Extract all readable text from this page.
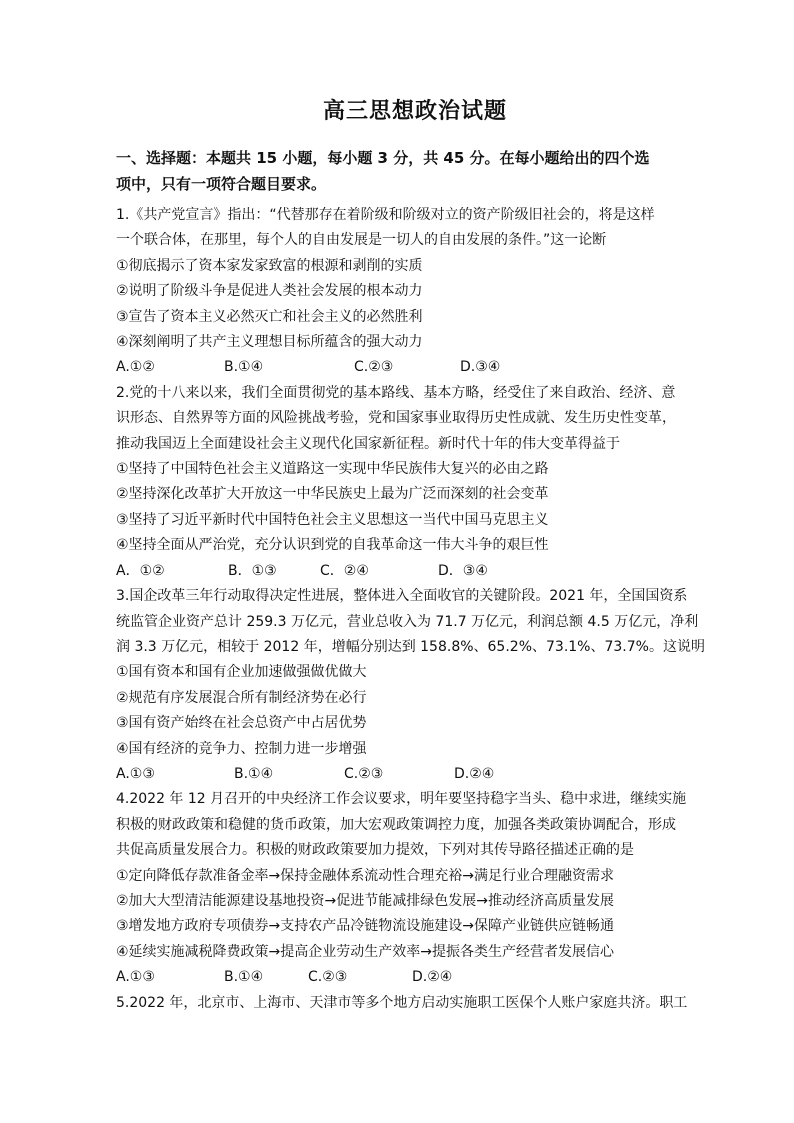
高三思想政治试题
一、选择题：本题共 15 小题，每小题 3 分，共 45 分。在每小题给出的四个选
项中，只有一项符合题目要求。
1.《共产党宣言》指出：“代替那存在着阶级和阶级对立的资产阶级旧社会的，将是这样
一个联合体，在那里，每个人的自由发展是一切人的自由发展的条件。”这一论断
①彻底揭示了资本家发家致富的根源和剥削的实质
②说明了阶级斗争是促进人类社会发展的根本动力
③宣告了资本主义必然灭亡和社会主义的必然胜利
④深刻阐明了共产主义理想目标所蕴含的强大动力
A.①②	B.①④	C.②③	D.③④
2.党的十八来以来，我们全面贯彻党的基本路线、基本方略，经受住了来自政治、经济、意
识形态、自然界等方面的风险挑战考验，党和国家事业取得历史性成就、发生历史性变革，
推动我国迈上全面建设社会主义现代化国家新征程。新时代十年的伟大变革得益于
①坚持了中国特色社会主义道路这一实现中华民族伟大复兴的必由之路
②坚持深化改革扩大开放这一中华民族史上最为广泛而深刻的社会变革
③坚持了习近平新时代中国特色社会主义思想这一当代中国马克思主义
④坚持全面从严治党，充分认识到党的自我革命这一伟大斗争的艰巨性
A．①②	B．①③	C．②④	D．③④
3.国企改革三年行动取得决定性进展，整体进入全面收官的关键阶段。2021 年，全国国资系
统监管企业资产总计 259.3 万亿元，营业总收入为 71.7 万亿元，利润总额 4.5 万亿元，净利
润 3.3 万亿元，相较于 2012 年，增幅分别达到 158.8%、65.2%、73.1%、73.7%。这说明
①国有资本和国有企业加速做强做优做大
②规范有序发展混合所有制经济势在必行
③国有资产始终在社会总资产中占居优势
④国有经济的竞争力、控制力进一步增强
A.①③	B.①④	C.②③	D.②④
4.2022 年 12 月召开的中央经济工作会议要求，明年要坚持稳字当头、稳中求进，继续实施
积极的财政政策和稳健的货币政策，加大宏观政策调控力度，加强各类政策协调配合，形成
共促高质量发展合力。积极的财政政策要加力提效，下列对其传导路径描述正确的是
①定向降低存款准备金率→保持金融体系流动性合理充裕→满足行业合理融资需求
②加大大型清洁能源建设基地投资→促进节能减排绿色发展→推动经济高质量发展
③增发地方政府专项债券→支持农产品冷链物流设施建设→保障产业链供应链畅通
④延续实施减税降费政策→提高企业劳动生产效率→提振各类生产经营者发展信心
A.①③	B.①④	C.②③	D.②④
5.2022 年，北京市、上海市、天津市等多个地方启动实施职工医保个人账户家庭共济。职工
